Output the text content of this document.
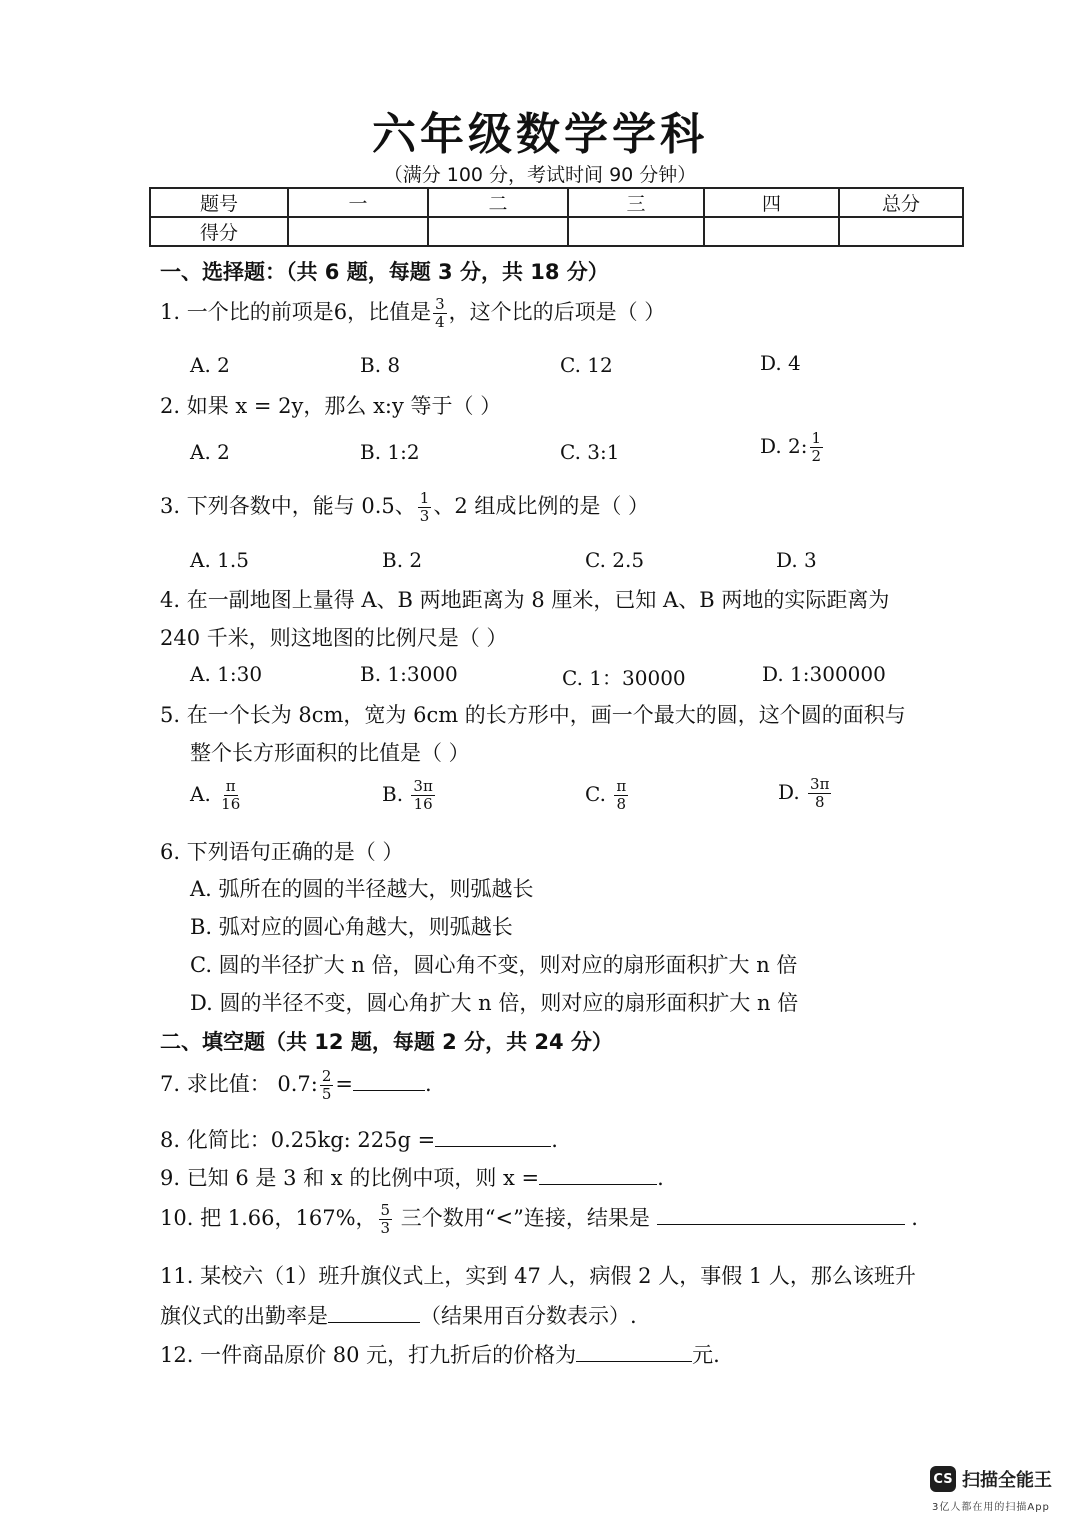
六年级数学学科
（满分 100 分，考试时间 90 分钟）
题号	一	二	三	四	总分
得分					
一、选择题：（共 6 题，每题 3 分，共 18 分）
1. 一个比的前项是6，比值是 $\frac{3}{4}$ ，这个比的后项是（ ）
A. 2	B. 8	C. 12	D. 4
2. 如果 x = 2y，那么 x:y 等于（ ）
A. 2	B. 1:2	C. 3:1	D. 2: $\frac{1}{2}$
3. 下列各数中，能与 0.5、 $\frac{1}{3}$ 、2 组成比例的是（ ）
A. 1.5	B. 2	C. 2.5	D. 3
4. 在一副地图上量得 A、B 两地距离为 8 厘米，已知 A、B 两地的实际距离为
240 千米，则这地图的比例尺是（ ）
A. 1:30	B. 1:3000	C. 1：30000	D. 1:300000
5. 在一个长为 8cm，宽为 6cm 的长方形中，画一个最大的圆，这个圆的面积与
整个长方形面积的比值是（ ）
A. $\frac{\pi}{16}$	B. $\frac{3\pi}{16}$	C. $\frac{\pi}{8}$	D. $\frac{3\pi}{8}$
6. 下列语句正确的是（ ）
A. 弧所在的圆的半径越大，则弧越长
B. 弧对应的圆心角越大，则弧越长
C. 圆的半径扩大 n 倍，圆心角不变，则对应的扇形面积扩大 n 倍
D. 圆的半径不变，圆心角扩大 n 倍，则对应的扇形面积扩大 n 倍
二、填空题（共 12 题，每题 2 分，共 24 分）
7. 求比值： 0.7: $\frac{2}{5}$ =	.
8. 化简比：0.25kg: 225g =	.
9. 已知 6 是 3 和 x 的比例中项，则 x =	.
10. 把 1.66，167%， $\frac{5}{3}$ 三个数用“<”连接，结果是	.
11. 某校六（1）班升旗仪式上，实到 47 人，病假 2 人，事假 1 人，那么该班升
旗仪式的出勤率是	（结果用百分数表示）.
12. 一件商品原价 80 元，打九折后的价格为	元.
CS 扫描全能王
3亿人都在用的扫描App
